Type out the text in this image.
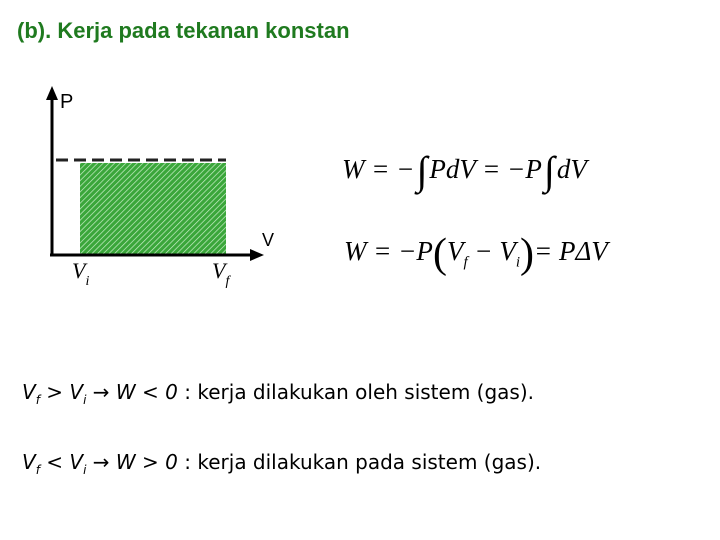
(b). Kerja pada tekanan konstan
P
V
$V_i$	$V_f$
W = −∫PdV = −P∫dV
$W = -P(V_f - V_i)= P\Delta V$
$V_f > V_i \to W < 0$ : kerja dilakukan oleh sistem (gas).
$V_f < V_i \to W > 0$ : kerja dilakukan pada sistem (gas).
